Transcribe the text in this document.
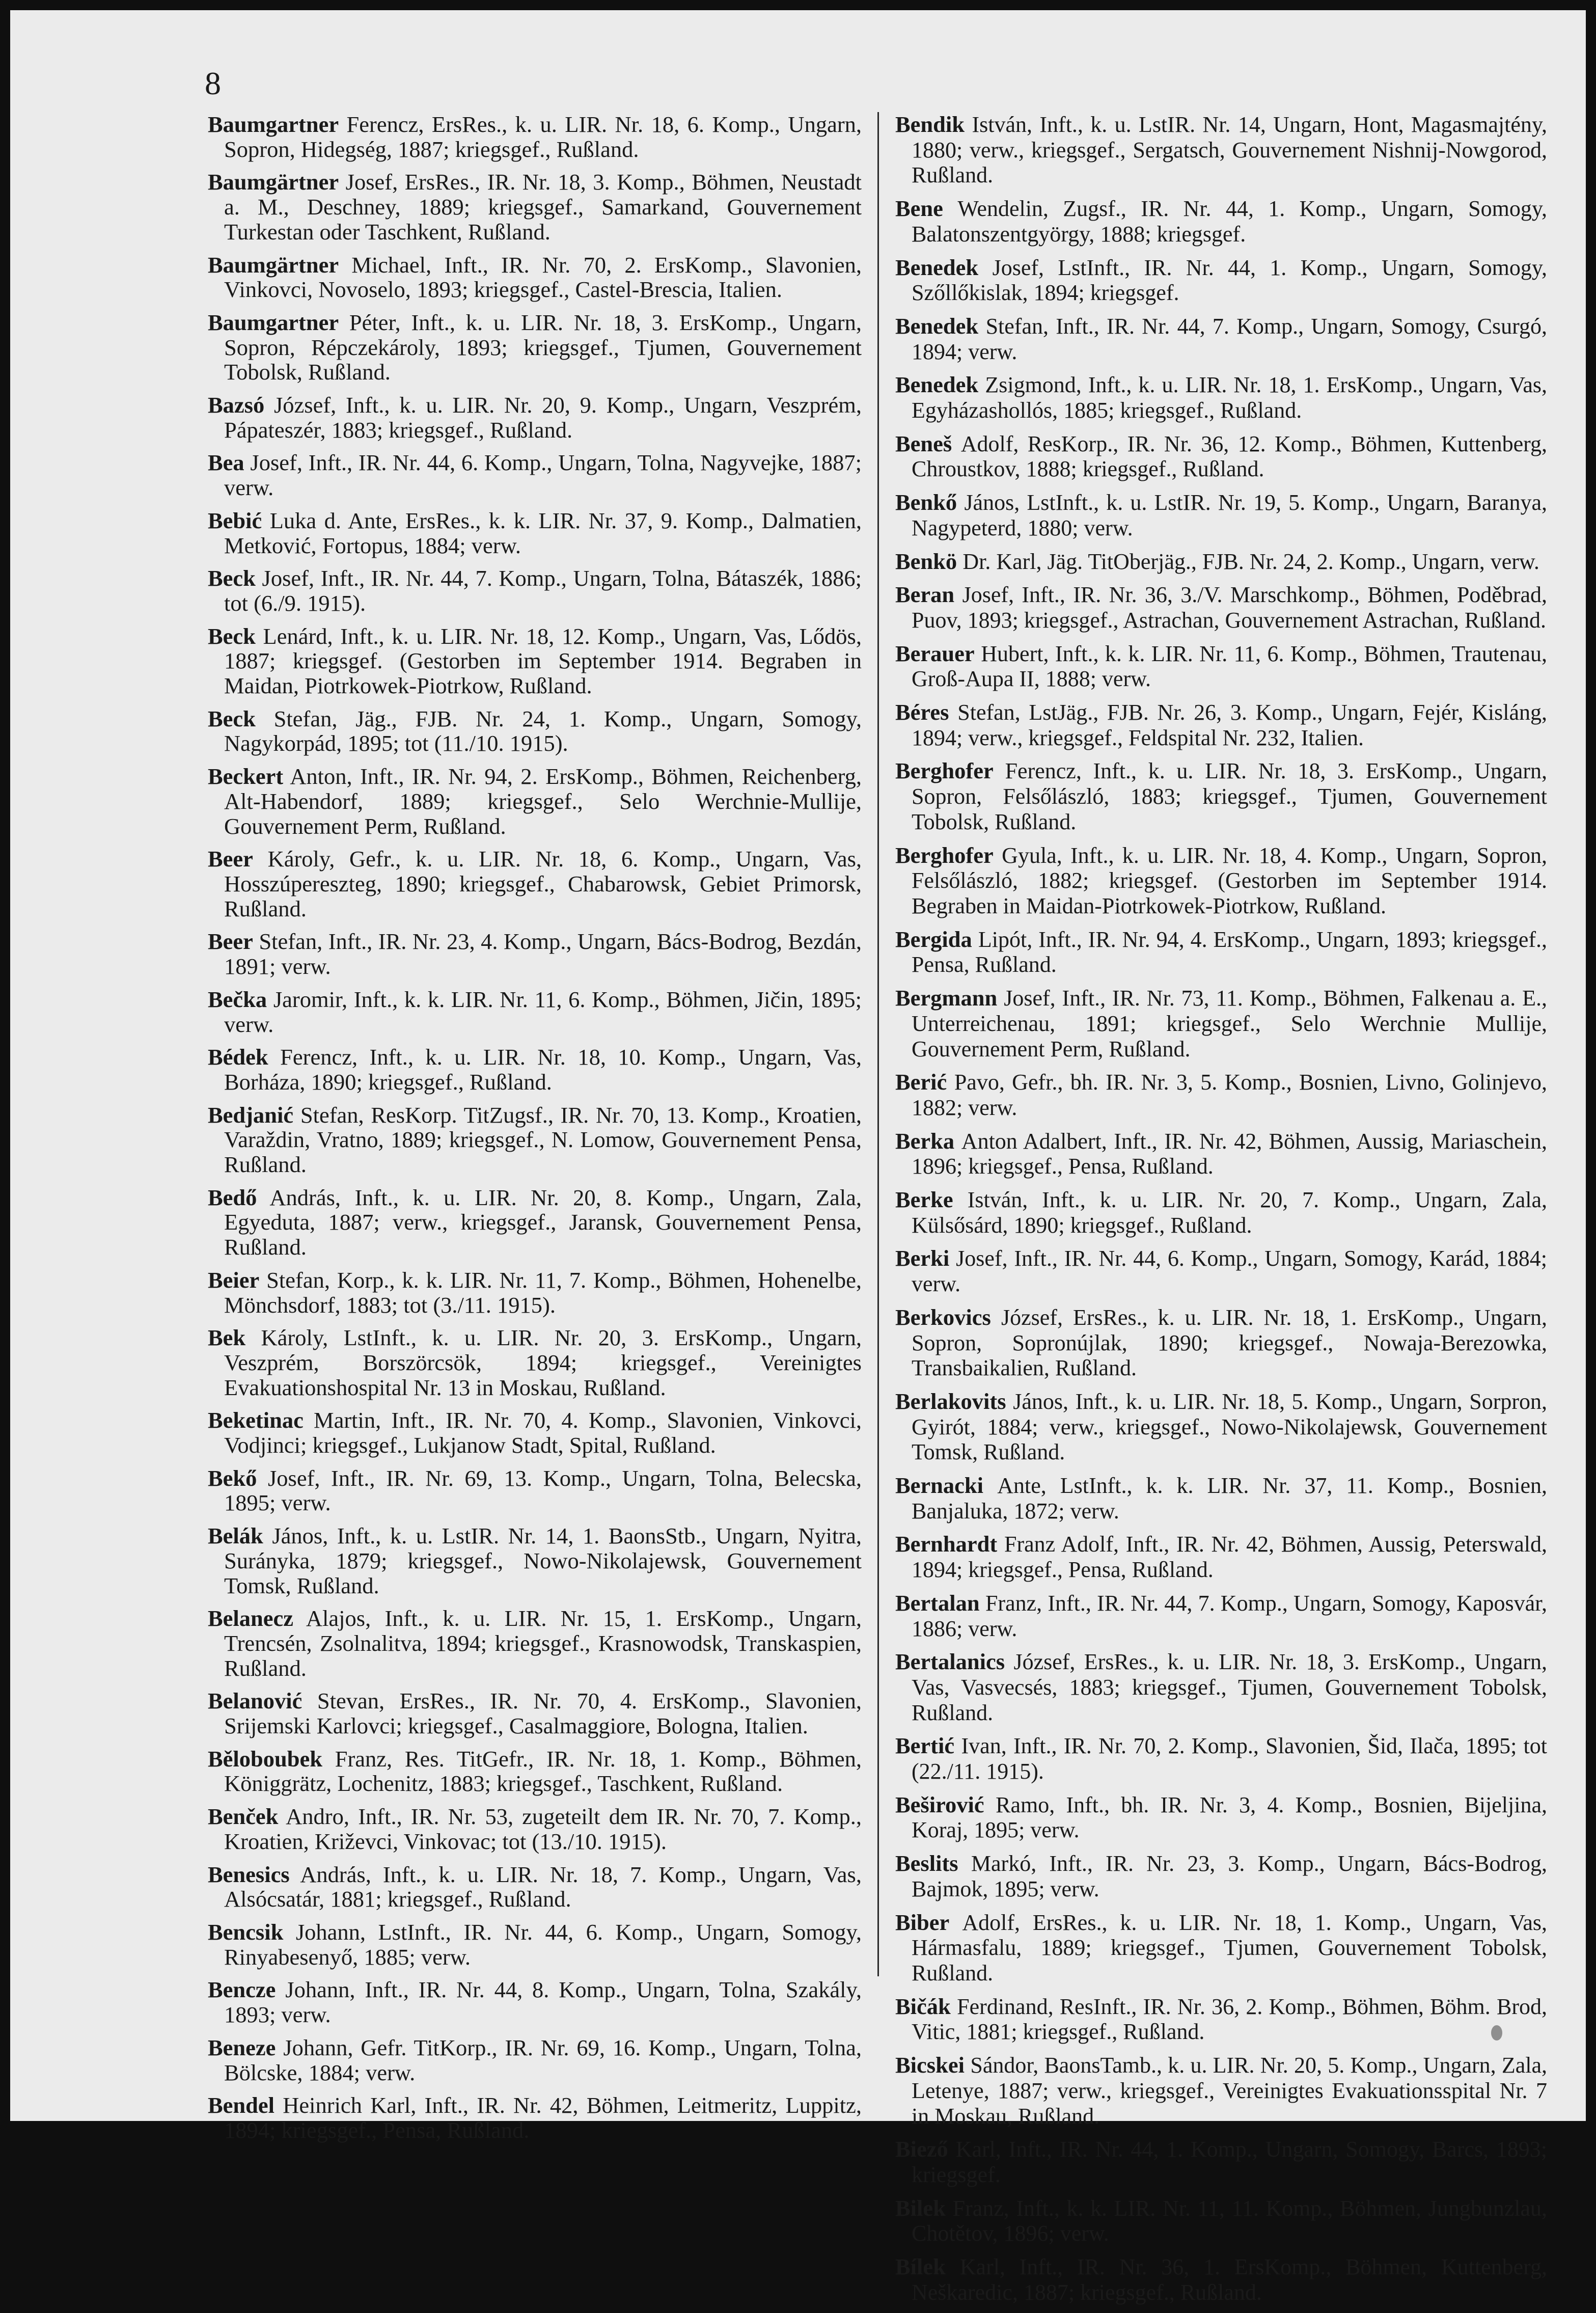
8
Baumgartner Ferencz, ErsRes., k. u. LIR. Nr. 18, 6. Komp., Ungarn, Sopron, Hidegség, 1887; kriegsgef., Rußland.
Baumgärtner Josef, ErsRes., IR. Nr. 18, 3. Komp., Böhmen, Neustadt a. M., Deschney, 1889; kriegsgef., Samarkand, Gouvernement Turkestan oder Taschkent, Rußland.
Baumgärtner Michael, Inft., IR. Nr. 70, 2. ErsKomp., Slavonien, Vinkovci, Novoselo, 1893; kriegsgef., Castel-Brescia, Italien.
Baumgartner Péter, Inft., k. u. LIR. Nr. 18, 3. ErsKomp., Ungarn, Sopron, Répczekároly, 1893; kriegsgef., Tjumen, Gouvernement Tobolsk, Rußland.
Bazsó József, Inft., k. u. LIR. Nr. 20, 9. Komp., Ungarn, Veszprém, Pápateszér, 1883; kriegsgef., Rußland.
Bea Josef, Inft., IR. Nr. 44, 6. Komp., Ungarn, Tolna, Nagyvejke, 1887; verw.
Bebić Luka d. Ante, ErsRes., k. k. LIR. Nr. 37, 9. Komp., Dalmatien, Metković, Fortopus, 1884; verw.
Beck Josef, Inft., IR. Nr. 44, 7. Komp., Ungarn, Tolna, Bátaszék, 1886; tot (6./9. 1915).
Beck Lenárd, Inft., k. u. LIR. Nr. 18, 12. Komp., Ungarn, Vas, Lődös, 1887; kriegsgef. (Gestorben im September 1914. Begraben in Maidan, Piotrkowek-Piotrkow, Rußland.
Beck Stefan, Jäg., FJB. Nr. 24, 1. Komp., Ungarn, Somogy, Nagykorpád, 1895; tot (11./10. 1915).
Beckert Anton, Inft., IR. Nr. 94, 2. ErsKomp., Böhmen, Reichenberg, Alt-Habendorf, 1889; kriegsgef., Selo Werchnie-Mullije, Gouvernement Perm, Rußland.
Beer Károly, Gefr., k. u. LIR. Nr. 18, 6. Komp., Ungarn, Vas, Hosszúpereszteg, 1890; kriegsgef., Chabarowsk, Gebiet Primorsk, Rußland.
Beer Stefan, Inft., IR. Nr. 23, 4. Komp., Ungarn, Bács-Bodrog, Bezdán, 1891; verw.
Bečka Jaromir, Inft., k. k. LIR. Nr. 11, 6. Komp., Böhmen, Jičin, 1895; verw.
Bédek Ferencz, Inft., k. u. LIR. Nr. 18, 10. Komp., Ungarn, Vas, Borháza, 1890; kriegsgef., Rußland.
Bedjanić Stefan, ResKorp. TitZugsf., IR. Nr. 70, 13. Komp., Kroatien, Varaždin, Vratno, 1889; kriegsgef., N. Lomow, Gouvernement Pensa, Rußland.
Bedő András, Inft., k. u. LIR. Nr. 20, 8. Komp., Ungarn, Zala, Egyeduta, 1887; verw., kriegsgef., Jaransk, Gouvernement Pensa, Rußland.
Beier Stefan, Korp., k. k. LIR. Nr. 11, 7. Komp., Böhmen, Hohenelbe, Mönchsdorf, 1883; tot (3./11. 1915).
Bek Károly, LstInft., k. u. LIR. Nr. 20, 3. ErsKomp., Ungarn, Veszprém, Borszörcsök, 1894; kriegsgef., Vereinigtes Evakuationshospital Nr. 13 in Moskau, Rußland.
Beketinac Martin, Inft., IR. Nr. 70, 4. Komp., Slavonien, Vinkovci, Vodjinci; kriegsgef., Lukjanow Stadt, Spital, Rußland.
Bekő Josef, Inft., IR. Nr. 69, 13. Komp., Ungarn, Tolna, Belecska, 1895; verw.
Belák János, Inft., k. u. LstIR. Nr. 14, 1. BaonsStb., Ungarn, Nyitra, Surányka, 1879; kriegsgef., Nowo-Nikolajewsk, Gouvernement Tomsk, Rußland.
Belanecz Alajos, Inft., k. u. LIR. Nr. 15, 1. ErsKomp., Ungarn, Trencsén, Zsolnalitva, 1894; kriegsgef., Krasnowodsk, Transkaspien, Rußland.
Belanović Stevan, ErsRes., IR. Nr. 70, 4. ErsKomp., Slavonien, Srijemski Karlovci; kriegsgef., Casalmaggiore, Bologna, Italien.
Běloboubek Franz, Res. TitGefr., IR. Nr. 18, 1. Komp., Böhmen, Königgrätz, Lochenitz, 1883; kriegsgef., Taschkent, Rußland.
Benček Andro, Inft., IR. Nr. 53, zugeteilt dem IR. Nr. 70, 7. Komp., Kroatien, Križevci, Vinkovac; tot (13./10. 1915).
Benesics András, Inft., k. u. LIR. Nr. 18, 7. Komp., Ungarn, Vas, Alsócsatár, 1881; kriegsgef., Rußland.
Bencsik Johann, LstInft., IR. Nr. 44, 6. Komp., Ungarn, Somogy, Rinyabesenyő, 1885; verw.
Bencze Johann, Inft., IR. Nr. 44, 8. Komp., Ungarn, Tolna, Szakály, 1893; verw.
Beneze Johann, Gefr. TitKorp., IR. Nr. 69, 16. Komp., Ungarn, Tolna, Bölcske, 1884; verw.
Bendel Heinrich Karl, Inft., IR. Nr. 42, Böhmen, Leitmeritz, Luppitz, 1894; kriegsgef., Pensa, Rußland.
Bendik István, Inft., k. u. LstIR. Nr. 14, Ungarn, Hont, Magasmajtény, 1880; verw., kriegsgef., Sergatsch, Gouvernement Nishnij-Nowgorod, Rußland.
Bene Wendelin, Zugsf., IR. Nr. 44, 1. Komp., Ungarn, Somogy, Balatonszentgyörgy, 1888; kriegsgef.
Benedek Josef, LstInft., IR. Nr. 44, 1. Komp., Ungarn, Somogy, Szőllőkislak, 1894; kriegsgef.
Benedek Stefan, Inft., IR. Nr. 44, 7. Komp., Ungarn, Somogy, Csurgó, 1894; verw.
Benedek Zsigmond, Inft., k. u. LIR. Nr. 18, 1. ErsKomp., Ungarn, Vas, Egyházashollós, 1885; kriegsgef., Rußland.
Beneš Adolf, ResKorp., IR. Nr. 36, 12. Komp., Böhmen, Kuttenberg, Chroustkov, 1888; kriegsgef., Rußland.
Benkő János, LstInft., k. u. LstIR. Nr. 19, 5. Komp., Ungarn, Baranya, Nagypeterd, 1880; verw.
Benkö Dr. Karl, Jäg. TitOberjäg., FJB. Nr. 24, 2. Komp., Ungarn, verw.
Beran Josef, Inft., IR. Nr. 36, 3./V. Marschkomp., Böhmen, Poděbrad, Puov, 1893; kriegsgef., Astrachan, Gouvernement Astrachan, Rußland.
Berauer Hubert, Inft., k. k. LIR. Nr. 11, 6. Komp., Böhmen, Trautenau, Groß-Aupa II, 1888; verw.
Béres Stefan, LstJäg., FJB. Nr. 26, 3. Komp., Ungarn, Fejér, Kisláng, 1894; verw., kriegsgef., Feldspital Nr. 232, Italien.
Berghofer Ferencz, Inft., k. u. LIR. Nr. 18, 3. ErsKomp., Ungarn, Sopron, Felsőlászló, 1883; kriegsgef., Tjumen, Gouvernement Tobolsk, Rußland.
Berghofer Gyula, Inft., k. u. LIR. Nr. 18, 4. Komp., Ungarn, Sopron, Felsőlászló, 1882; kriegsgef. (Gestorben im September 1914. Begraben in Maidan-Piotrkowek-Piotrkow, Rußland.
Bergida Lipót, Inft., IR. Nr. 94, 4. ErsKomp., Ungarn, 1893; kriegsgef., Pensa, Rußland.
Bergmann Josef, Inft., IR. Nr. 73, 11. Komp., Böhmen, Falkenau a. E., Unterreichenau, 1891; kriegsgef., Selo Werchnie Mullije, Gouvernement Perm, Rußland.
Berić Pavo, Gefr., bh. IR. Nr. 3, 5. Komp., Bosnien, Livno, Golinjevo, 1882; verw.
Berka Anton Adalbert, Inft., IR. Nr. 42, Böhmen, Aussig, Mariaschein, 1896; kriegsgef., Pensa, Rußland.
Berke István, Inft., k. u. LIR. Nr. 20, 7. Komp., Ungarn, Zala, Külsősárd, 1890; kriegsgef., Rußland.
Berki Josef, Inft., IR. Nr. 44, 6. Komp., Ungarn, Somogy, Karád, 1884; verw.
Berkovics József, ErsRes., k. u. LIR. Nr. 18, 1. ErsKomp., Ungarn, Sopron, Sopronújlak, 1890; kriegsgef., Nowaja-Berezowka, Transbaikalien, Rußland.
Berlakovits János, Inft., k. u. LIR. Nr. 18, 5. Komp., Ungarn, Sorpron, Gyirót, 1884; verw., kriegsgef., Nowo-Nikolajewsk, Gouvernement Tomsk, Rußland.
Bernacki Ante, LstInft., k. k. LIR. Nr. 37, 11. Komp., Bosnien, Banjaluka, 1872; verw.
Bernhardt Franz Adolf, Inft., IR. Nr. 42, Böhmen, Aussig, Peterswald, 1894; kriegsgef., Pensa, Rußland.
Bertalan Franz, Inft., IR. Nr. 44, 7. Komp., Ungarn, Somogy, Kaposvár, 1886; verw.
Bertalanics József, ErsRes., k. u. LIR. Nr. 18, 3. ErsKomp., Ungarn, Vas, Vasvecsés, 1883; kriegsgef., Tjumen, Gouvernement Tobolsk, Rußland.
Bertić Ivan, Inft., IR. Nr. 70, 2. Komp., Slavonien, Šid, Ilača, 1895; tot (22./11. 1915).
Beširović Ramo, Inft., bh. IR. Nr. 3, 4. Komp., Bosnien, Bijeljina, Koraj, 1895; verw.
Beslits Markó, Inft., IR. Nr. 23, 3. Komp., Ungarn, Bács-Bodrog, Bajmok, 1895; verw.
Biber Adolf, ErsRes., k. u. LIR. Nr. 18, 1. Komp., Ungarn, Vas, Hármasfalu, 1889; kriegsgef., Tjumen, Gouvernement Tobolsk, Rußland.
Bičák Ferdinand, ResInft., IR. Nr. 36, 2. Komp., Böhmen, Böhm. Brod, Vitic, 1881; kriegsgef., Rußland.
Bicskei Sándor, BaonsTamb., k. u. LIR. Nr. 20, 5. Komp., Ungarn, Zala, Letenye, 1887; verw., kriegsgef., Vereinigtes Evakuationsspital Nr. 7 in Moskau, Rußland.
Biező Karl, Inft., IR. Nr. 44, 1. Komp., Ungarn, Somogy, Barcs, 1893; kriegsgef.
Bilek Franz, Inft., k. k. LIR. Nr. 11, 11. Komp., Böhmen, Jungbunzlau, Chotětov, 1896; verw.
Bílek Karl, Inft., IR. Nr. 36, 1. ErsKomp., Böhmen, Kuttenberg, Neškaredic, 1887; kriegsgef., Rußland.
